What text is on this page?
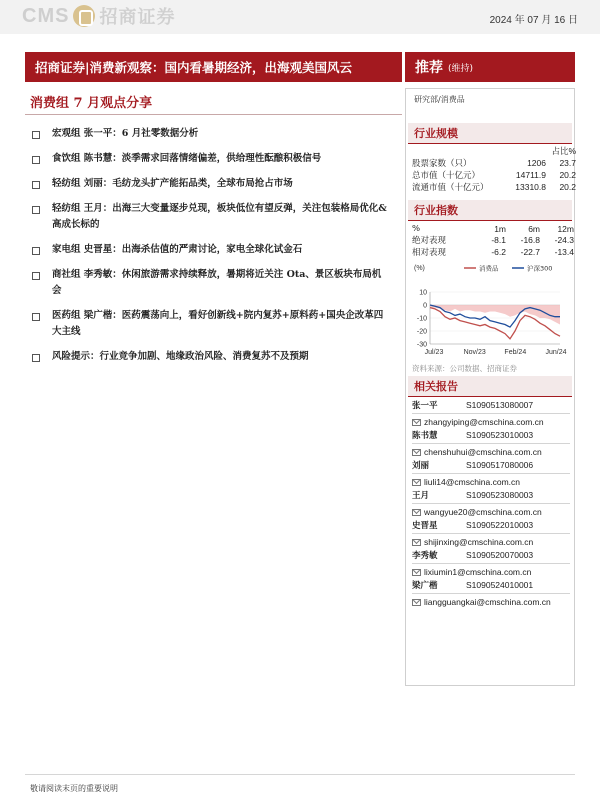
CMS 招商证券	2024 年 07 月 16 日
招商证券|消费新观察：国内看暑期经济，出海观美国风云	推荐 (维持)
消费组 7 月观点分享
宏观组 张一平：6 月社零数据分析
食饮组 陈书慧：淡季需求回落情绪偏差，供给理性酝酿积极信号
轻纺组 刘丽：毛纺龙头扩产能拓品类，全球布局抢占市场
轻纺组 王月：出海三大变量逐步兑现，板块低位有望反弹，关注包装格局优化&高成长标的
家电组 史晋星：出海杀估值的严肃讨论，家电全球化试金石
商社组 李秀敏：休闲旅游需求持续释放，暑期将近关注 Ota、景区板块布局机会
医药组 梁广楷：医药震荡向上，看好创新线+院内复苏+原料药+国央企改革四大主线
风险提示：行业竞争加剧、地缘政治风险、消费复苏不及预期
研究部/消费品
行业规模
		占比%
股票家数（只）	1206	23.7
总市值（十亿元）	14711.9	20.2
流通市值（十亿元）	13310.8	20.2
行业指数
%	1m	6m	12m
绝对表现	-8.1	-16.8	-24.3
相对表现	-6.2	-22.7	-13.4
(%)	消费品	沪深300
10
0
-10
-20
-30
Jul/23	Nov/23	Feb/24	Jun/24
资料来源：公司数据、招商证券
相关报告
张一平	S1090513080007
zhangyiping@cmschina.com.cn
陈书慧	S1090523010003
chenshuhui@cmschina.com.cn
刘丽	S1090517080006
liuli14@cmschina.com.cn
王月	S1090523080003
wangyue20@cmschina.com.cn
史晋星	S1090522010003
shijinxing@cmschina.com.cn
李秀敏	S1090520070003
lixiumin1@cmschina.com.cn
梁广楷	S1090524010001
liangguangkai@cmschina.com.cn
敬请阅读末页的重要说明
